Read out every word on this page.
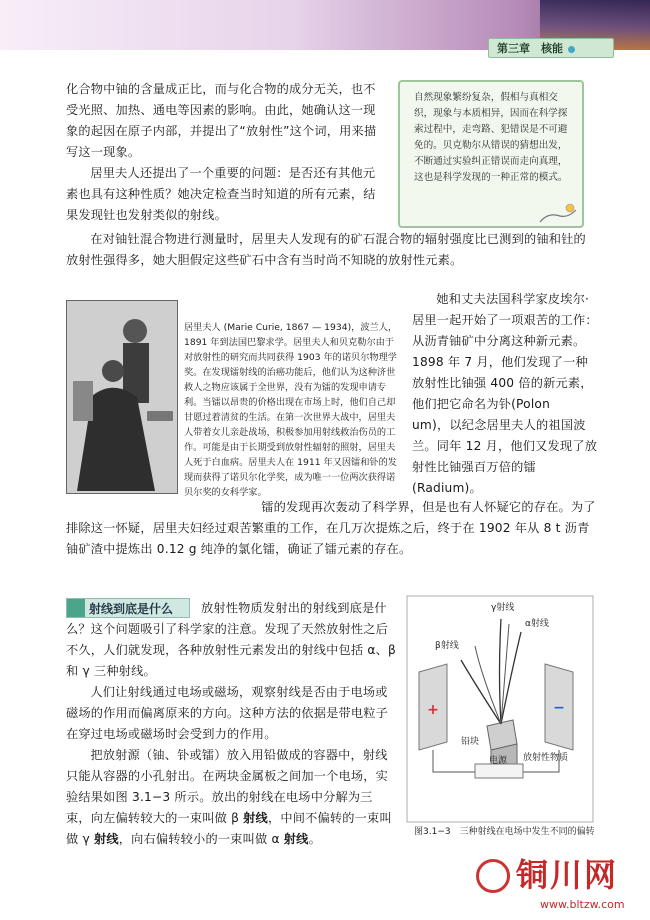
第三章　核能

化合物中铀的含量成正比，而与化合物的成分无关，也不受光照、加热、通电等因素的影响。由此，她确认这一现象的起因在原子内部，并提出了“放射性”这个词，用来描写这一现象。

居里夫人还提出了一个重要的问题：是否还有其他元素也具有这种性质？她决定检查当时知道的所有元素，结果发现钍也发射类似的射线。

在对铀钍混合物进行测量时，居里夫人发现有的矿石混合物的辐射强度比已测到的铀和钍的放射性强得多，她大胆假定这些矿石中含有当时尚不知晓的放射性元素。

自然现象繁纷复杂，假相与真相交织，现象与本质相异，因而在科学探索过程中，走弯路、犯错误是不可避免的。贝克勒尔从错误的猜想出发，不断通过实验纠正错误而走向真理，这也是科学发现的一种正常的模式。
居里夫人 (Marie Curie, 1867 — 1934)，波兰人，1891 年到法国巴黎求学。居里夫人和贝克勒尔由于对放射性的研究而共同获得 1903 年的诺贝尔物理学奖。在发现镭射线的治癌功能后，他们认为这种济世救人之物应该属于全世界，没有为镭的发现申请专利。当镭以昂贵的价格出现在市场上时，他们自己却甘愿过着清贫的生活。在第一次世界大战中，居里夫人带着女儿亲赴战场，积极参加用射线救治伤员的工作。可能是由于长期受到放射性辐射的照射，居里夫人死于白血病。居里夫人在 1911 年又因镭和钋的发现而获得了诺贝尔化学奖，成为唯一一位两次获得诺贝尔奖的女科学家。

她和丈夫法国科学家皮埃尔·居里一起开始了一项艰苦的工作：从沥青铀矿中分离这种新元素。1898 年 7 月，他们发现了一种放射性比铀强 400 倍的新元素，他们把它命名为钋(Polon　um)，以纪念居里夫人的祖国波兰。同年 12 月，他们又发现了放射性比铀强百万倍的镭(Radium)。

镭的发现再次轰动了科学界，但是也有人怀疑它的存在。为了排除这一怀疑，居里夫妇经过艰苦繁重的工作，在几万次提炼之后，终于在 1902 年从 8 t 沥青铀矿渣中提炼出 0.12 g 纯净的氯化镭，确证了镭元素的存在。

放射性物质发射出的射线到底是什么？这个问题吸引了科学家的注意。发现了天然放射性之后不久，人们就发现，各种放射性元素发出的射线中包括 α、β 和 γ 三种射线。

人们让射线通过电场或磁场，观察射线是否由于电场或磁场的作用而偏离原来的方向。这种方法的依据是带电粒子在穿过电场或磁场时会受到力的作用。

把放射源（铀、钋或镭）放入用铅做成的容器中，射线只能从容器的小孔射出。在两块金属板之间加一个电场，实验结果如图 3.1−3 所示。放出的射线在电场中分解为三束，向左偏转较大的一束叫做 β 射线，中间不偏转的一束叫做 γ 射线，向右偏转较小的一束叫做 α 射线。

射线到底是什么
+	−
γ射线
α射线
β射线
铅块
放射性物质
电源
图3.1−3　三种射线在电场中发生不同的偏转
铜川网
www.bltzw.com
